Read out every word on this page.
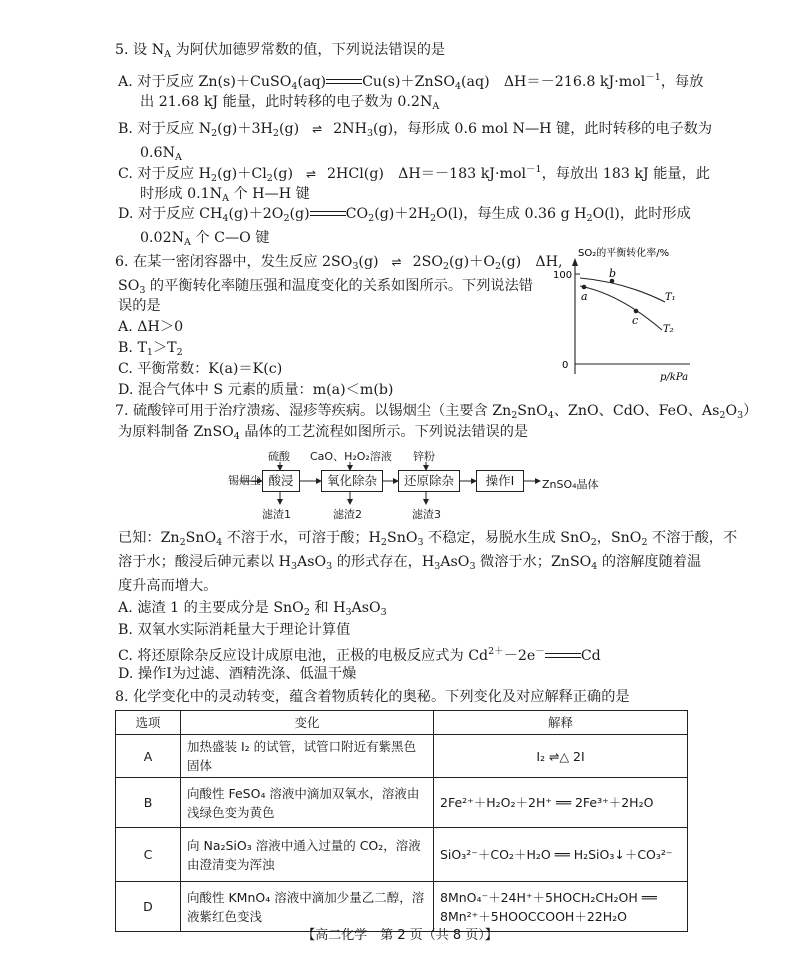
5. 设 $N_A$ 为阿伏加德罗常数的值，下列说法错误的是
A. 对于反应 Zn(s)＋CuSO$_4$(aq)	Cu(s)＋ZnSO$_4$(aq)　ΔH＝－216.8 kJ·mol$^{-1}$，每放
出 21.68 kJ 能量，此时转移的电子数为 $0.2N_A$
B. 对于反应 $N_2(g)+3H_2(g)$ ⇌ $2NH_3(g)$，每形成 0.6 mol N—H 键，此时转移的电子数为
$0.6N_A$
C. 对于反应 $H_2(g)+Cl_2(g)$ ⇌ 2HCl(g)　ΔH＝－183 kJ·mol$^{-1}$，每放出 183 kJ 能量，此
时形成 $0.1N_A$ 个 H—H 键
D. 对于反应 $CH_4(g)+2O_2(g)$	$CO_2(g)+2H_2O(l)$，每生成 0.36 g $H_2O(l)$，此时形成
$0.02N_A$ 个 C—O 键
6. 在某一密闭容器中，发生反应 $2SO_3(g)$ ⇌ $2SO_2(g)+O_2(g)$　ΔH,
$SO_3$ 的平衡转化率随压强和温度变化的关系如图所示。下列说法错
误的是
A. ΔH＞0
B. $T_1>T_2$
C. 平衡常数：K(a)＝K(c)
D. 混合气体中 S 元素的质量：m(a)＜m(b)
SO₂的平衡转化率/%
100
0
a
b
c
T₁
T₂
p/kPa
7. 硫酸锌可用于治疗溃疡、湿疹等疾病。以锡烟尘（主要含 $Zn_2SnO_4$、ZnO、CdO、FeO、$As_2O_3$）
为原料制备 ZnSO$_4$ 晶体的工艺流程如图所示。下列说法错误的是
锡烟尘
硫酸 CaO、H₂O₂溶液 锌粉
酸浸	氧化除杂	还原除杂	操作Ⅰ	ZnSO₄晶体
滤渣1	滤渣2	滤渣3
已知：$Zn_2SnO_4$ 不溶于水，可溶于酸；$H_2SnO_3$ 不稳定，易脱水生成 SnO$_2$，SnO$_2$ 不溶于酸，不
溶于水；酸浸后砷元素以 $H_3AsO_3$ 的形式存在，$H_3AsO_3$ 微溶于水；ZnSO$_4$ 的溶解度随着温
度升高而增大。
A. 滤渣 1 的主要成分是 SnO$_2$ 和 $H_3AsO_3$
B. 双氧水实际消耗量大于理论计算值
C. 将还原除杂反应设计成原电池，正极的电极反应式为 $Cd^{2+}-2e^-$	Cd
D. 操作Ⅰ为过滤、酒精洗涤、低温干燥
8. 化学变化中的灵动转变，蕴含着物质转化的奥秘。下列变化及对应解释正确的是
选项	变化	解释
A	加热盛装 I₂ 的试管，试管口附近有紫黑色固体	I₂ ⇌△ 2I
B	向酸性 FeSO₄ 溶液中滴加双氧水，溶液由浅绿色变为黄色	2Fe²⁺＋H₂O₂＋2H⁺ ══ 2Fe³⁺＋2H₂O
C	向 Na₂SiO₃ 溶液中通入过量的 CO₂，溶液由澄清变为浑浊	SiO₃²⁻＋CO₂＋H₂O ══ H₂SiO₃↓＋CO₃²⁻
D	向酸性 KMnO₄ 溶液中滴加少量乙二醇，溶液紫红色变浅	8MnO₄⁻＋24H⁺＋5HOCH₂CH₂OH ══ 8Mn²⁺＋5HOOCCOOH＋22H₂O
【高二化学　第 2 页（共 8 页）】
